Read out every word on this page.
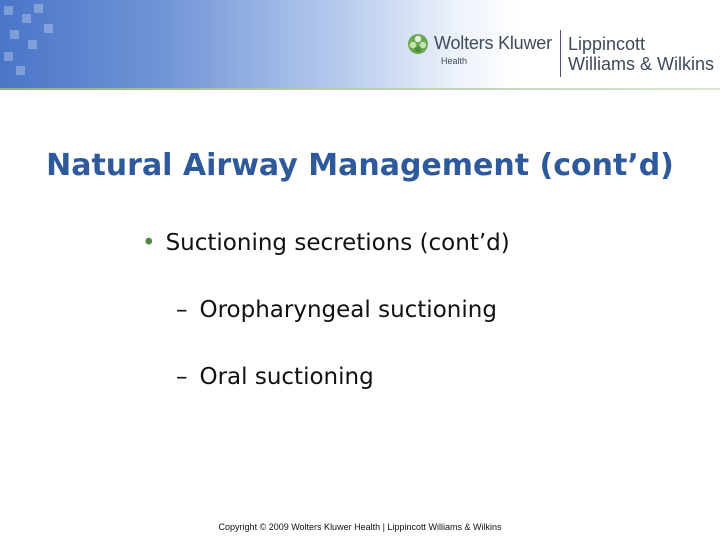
Wolters Kluwer
Health
Lippincott
Williams & Wilkins
Natural Airway Management (cont’d)
• Suctioning secretions (cont’d)
– Oropharyngeal suctioning
– Oral suctioning
Copyright © 2009 Wolters Kluwer Health | Lippincott Williams & Wilkins
